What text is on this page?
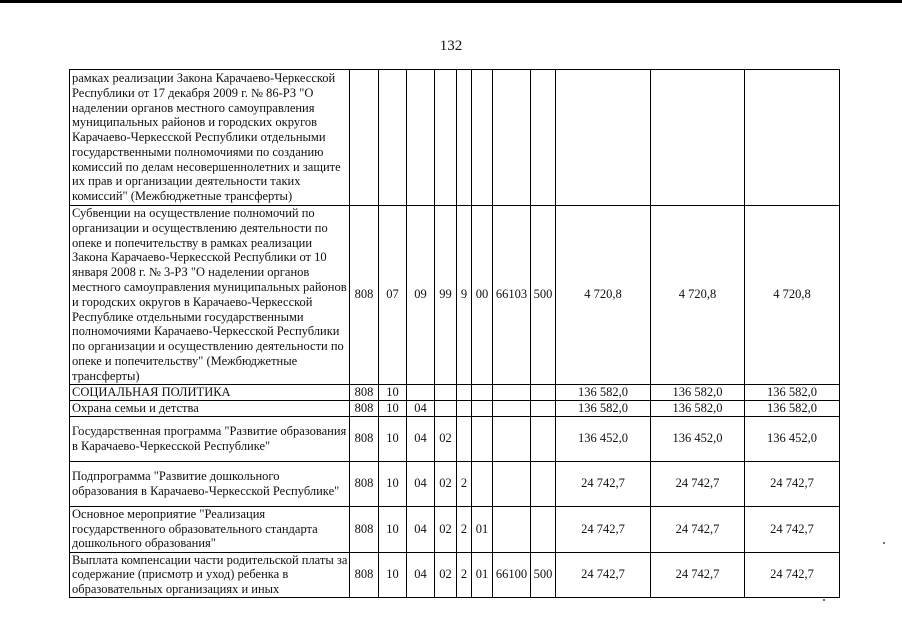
132
рамках реализации Закона Карачаево-Черкесской Республики от 17 декабря 2009 г. № 86-РЗ "О наделении органов местного самоуправления муниципальных районов и городских округов Карачаево-Черкесской Республики отдельными государственными полномочиями по созданию комиссий по делам несовершеннолетних и защите их прав и организации деятельности таких комиссий" (Межбюджетные трансферты)											
Субвенции на осуществление полномочий по организации и осуществлению деятельности по опеке и попечительству в рамках реализации Закона Карачаево-Черкесской Республики от 10 января 2008 г. № 3-РЗ "О наделении органов местного самоуправления муниципальных районов и городских округов в Карачаево-Черкесской Республике отдельными государственными полномочиями Карачаево-Черкесской Республики по организации и осуществлению деятельности по опеке и попечительству" (Межбюджетные трансферты)	808	07	09	99	9	00	66103	500	4 720,8	4 720,8	4 720,8
СОЦИАЛЬНАЯ ПОЛИТИКА	808	10							136 582,0	136 582,0	136 582,0
Охрана семьи и детства	808	10	04						136 582,0	136 582,0	136 582,0
Государственная программа "Развитие образования в Карачаево-Черкесской Республике"	808	10	04	02					136 452,0	136 452,0	136 452,0
Подпрограмма "Развитие дошкольного образования в Карачаево-Черкесской Республике"	808	10	04	02	2				24 742,7	24 742,7	24 742,7
Основное мероприятие "Реализация государственного образовательного стандарта дошкольного образования"	808	10	04	02	2	01			24 742,7	24 742,7	24 742,7
Выплата компенсации части родительской платы за содержание (присмотр и уход) ребенка в образовательных организациях и иных	808	10	04	02	2	01	66100	500	24 742,7	24 742,7	24 742,7
